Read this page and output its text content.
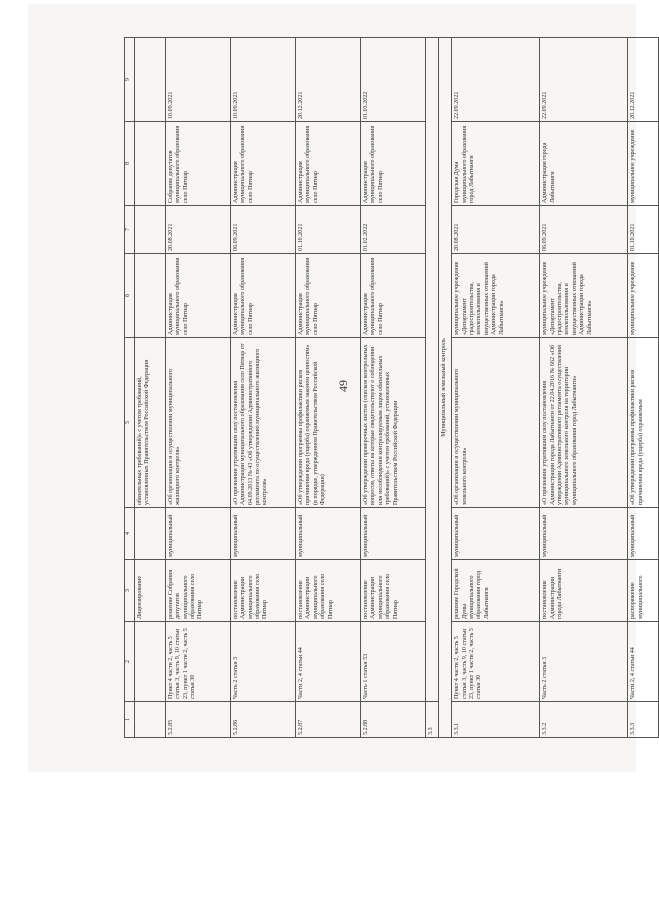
49
1	2	3	4	5	6	7	8	9
		Лицензирование		обязательных требований)» с учетом требований, установленных Правительством Российской Федерации				
5.2.85	Пункт 4 части 2, часть 5 статьи 3, часть 9, 10 статьи 23, пункт 1 части 2, часть 5 статьи 30	решение Собрания депутатов муниципального образования село Пятиар	муниципальный	«Об организации и осуществлении муниципального жилищного контроля»	Администрация муниципального образования село Пятиар	20.08.2021	Собрание депутатов муниципального образования село Пятиар	10.09.2021
5.2.86	Часть 2 статьи 3	постановление Администрации муниципального образования село Пятиар	муниципальный	«О признании утратившим силу постановления Администрации муниципального образования село Пятиар от 04.09.2013 № 43 «Об утверждении Административного регламента по осуществлению муниципального жилищного контроля»	Администрация муниципального образования село Пятиар	06.09.2021	Администрация муниципального образования село Пятиар	10.09.2021
5.2.87	Части 2, 4 статьи 44	постановление Администрации муниципального образования село Пятиар	муниципальный	«Об утверждении программы профилактики рисков причинения вреда (ущерба) охраняемым законом ценностям» (в порядке, утвержденном Правительством Российской Федерации)	Администрация муниципального образования село Пятиар	01.10.2021	Администрация муниципального образования село Пятиар	20.12.2021
5.2.88	Часть 1 статьи 53	постановление Администрации муниципального образования село Пятиар	муниципальный	«Об утверждении проверочных листов (списков контрольных вопросов, ответы на которые свидетельствуют о соблюдении или несоблюдении контролируемым лицом обязательных требований)» с учетом требований, установленных Правительством Российской Федерации	Администрация муниципального образования село Пятиар	01.02.2022	Администрация муниципального образования село Пятиар	01.03.2022
3.3								
Муниципальный земельный контроль								
3.3.1	Пункт 4 части 2, часть 5 статьи 3, часть 9, 10 статьи 23, пункт 1 части 2, часть 5 статьи 30	решение Городской Думы муниципального образования город Лабытнанги	муниципальный	«Об организации и осуществлении муниципального земельного контроля»	муниципальное учреждение «Департамент градостроительства, землепользования и имущественных отношений Администрации города Лабытнанги»	20.08.2021	Городская Дума муниципального образования город Лабытнанги	22.09.2021
3.3.2	Часть 2 статьи 3	постановление Администрации города Лабытнанги	муниципальный	«О признании утратившим силу постановления Администрации города Лабытнанги от 22.04.2016 № 662 «Об утверждении Административного регламента осуществления муниципального земельного контроля на территории муниципального образования город Лабытнанги»	муниципальное учреждение «Департамент градостроительства, землепользования и имущественных отношений Администрации города Лабытнанги»	06.09.2021	Администрация города Лабытнанги	22.09.2021
3.3.3	Части 2, 4 статьи 44	распоряжение муниципального	муниципальный	«Об утверждении программы профилактики рисков причинения вреда (ущерба) охраняемым	муниципальное учреждение	01.10.2021	муниципальное учреждение	20.12.2021
